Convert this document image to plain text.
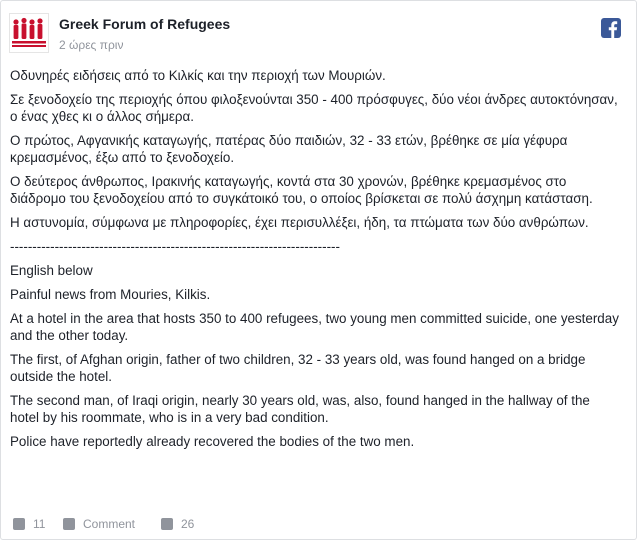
Greek Forum of Refugees
2 ώρες πριν

Οδυνηρές ειδήσεις από το Κιλκίς και την περιοχή των Μουριών.

Σε ξενοδοχείο της περιοχής όπου φιλοξενούνται 350 - 400 πρόσφυγες, δύο νέοι άνδρες αυτοκτόνησαν, ο ένας χθες κι ο άλλος σήμερα.

Ο πρώτος, Αφγανικής καταγωγής, πατέρας δύο παιδιών, 32 - 33 ετών, βρέθηκε σε μία γέφυρα κρεμασμένος, έξω από το ξενοδοχείο.

Ο δεύτερος άνθρωπος, Ιρακινής καταγωγής, κοντά στα 30 χρονών, βρέθηκε κρεμασμένος στο διάδρομο του ξενοδοχείου από το συγκάτοικό του, ο οποίος βρίσκεται σε πολύ άσχημη κατάσταση.

Η αστυνομία, σύμφωνα με πληροφορίες, έχει περισυλλέξει, ήδη, τα πτώματα των δύο ανθρώπων.

--------------------------------------------------------------------------

English below

Painful news from Mouries, Kilkis.

At a hotel in the area that hosts 350 to 400 refugees, two young men committed suicide, one yesterday and the other today.

The first, of Afghan origin, father of two children, 32 - 33 years old, was found hanged on a bridge outside the hotel.

The second man, of Iraqi origin, nearly 30 years old, was, also, found hanged in the hallway of the hotel by his roommate, who is in a very bad condition.

Police have reportedly already recovered the bodies of the two men.

11	Comment	26
